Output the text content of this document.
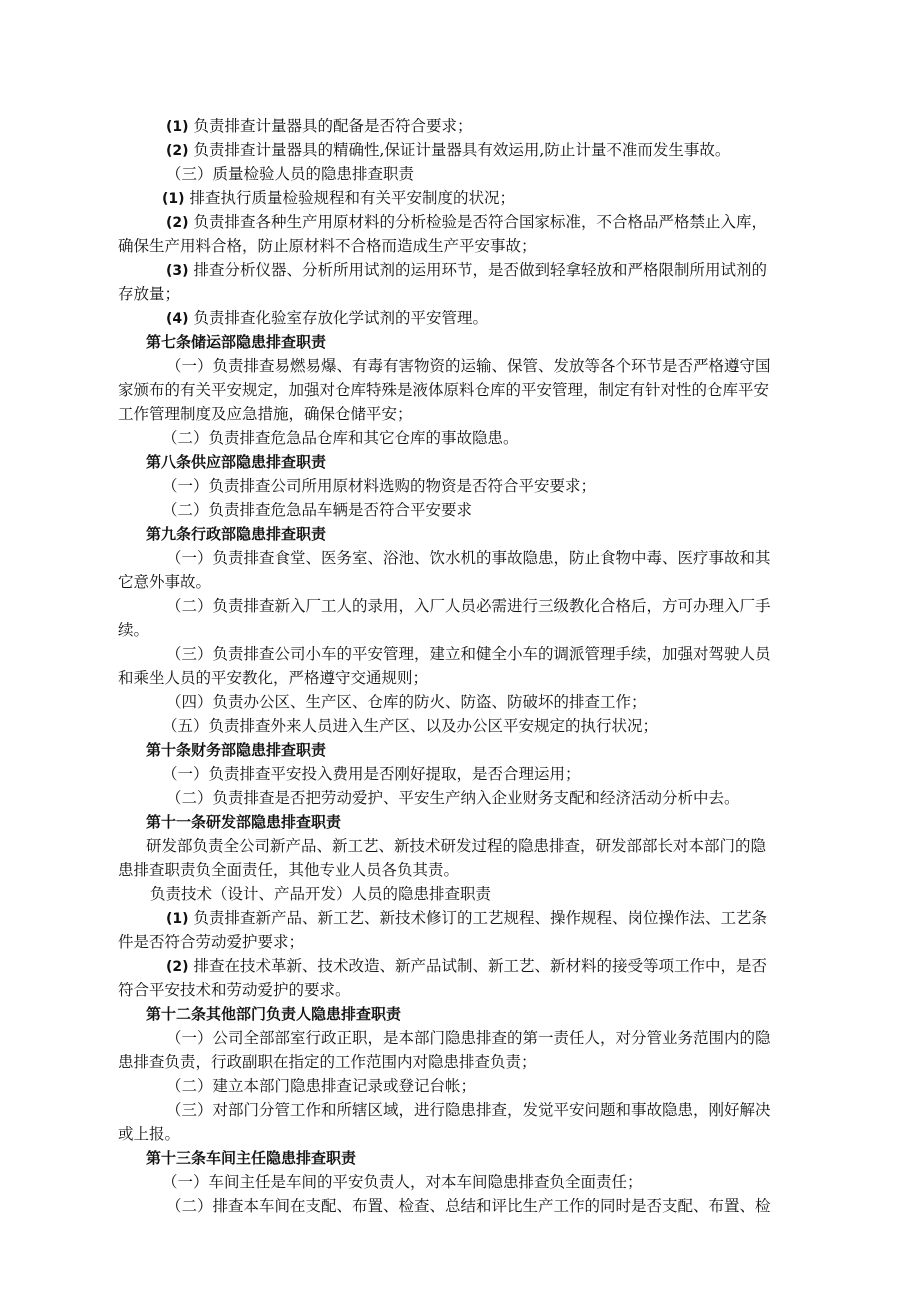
(1) 负责排查计量器具的配备是否符合要求；
(2) 负责排查计量器具的精确性,保证计量器具有效运用,防止计量不准而发生事故。
（三）质量检验人员的隐患排查职责
(1) 排查执行质量检验规程和有关平安制度的状况；
(2) 负责排查各种生产用原材料的分析检验是否符合国家标准，不合格品严格禁止入库，
确保生产用料合格，防止原材料不合格而造成生产平安事故；
(3) 排查分析仪器、分析所用试剂的运用环节，是否做到轻拿轻放和严格限制所用试剂的
存放量；
(4) 负责排查化验室存放化学试剂的平安管理。
第七条储运部隐患排查职责
（一）负责排查易燃易爆、有毒有害物资的运输、保管、发放等各个环节是否严格遵守国
家颁布的有关平安规定，加强对仓库特殊是液体原料仓库的平安管理，制定有针对性的仓库平安
工作管理制度及应急措施，确保仓储平安；
（二）负责排查危急品仓库和其它仓库的事故隐患。
第八条供应部隐患排查职责
（一）负责排查公司所用原材料选购的物资是否符合平安要求；
（二）负责排查危急品车辆是否符合平安要求
第九条行政部隐患排查职责
（一）负责排查食堂、医务室、浴池、饮水机的事故隐患，防止食物中毒、医疗事故和其
它意外事故。
（二）负责排查新入厂工人的录用，入厂人员必需进行三级教化合格后，方可办理入厂手
续。
（三）负责排查公司小车的平安管理，建立和健全小车的调派管理手续，加强对驾驶人员
和乘坐人员的平安教化，严格遵守交通规则；
（四）负责办公区、生产区、仓库的防火、防盗、防破坏的排查工作；
（五）负责排查外来人员进入生产区、以及办公区平安规定的执行状况；
第十条财务部隐患排查职责
（一）负责排查平安投入费用是否刚好提取，是否合理运用；
（二）负责排查是否把劳动爱护、平安生产纳入企业财务支配和经济活动分析中去。
第十一条研发部隐患排查职责
研发部负责全公司新产品、新工艺、新技术研发过程的隐患排查，研发部部长对本部门的隐
患排查职责负全面责任，其他专业人员各负其责。
负责技术（设计、产品开发）人员的隐患排查职责
(1) 负责排查新产品、新工艺、新技术修订的工艺规程、操作规程、岗位操作法、工艺条
件是否符合劳动爱护要求；
(2) 排查在技术革新、技术改造、新产品试制、新工艺、新材料的接受等项工作中，是否
符合平安技术和劳动爱护的要求。
第十二条其他部门负责人隐患排查职责
（一）公司全部部室行政正职，是本部门隐患排查的第一责任人，对分管业务范围内的隐
患排查负责，行政副职在指定的工作范围内对隐患排查负责；
（二）建立本部门隐患排查记录或登记台帐；
（三）对部门分管工作和所辖区域，进行隐患排查，发觉平安问题和事故隐患，刚好解决
或上报。
第十三条车间主任隐患排查职责
（一）车间主任是车间的平安负责人，对本车间隐患排查负全面责任；
（二）排查本车间在支配、布置、检查、总结和评比生产工作的同时是否支配、布置、检
